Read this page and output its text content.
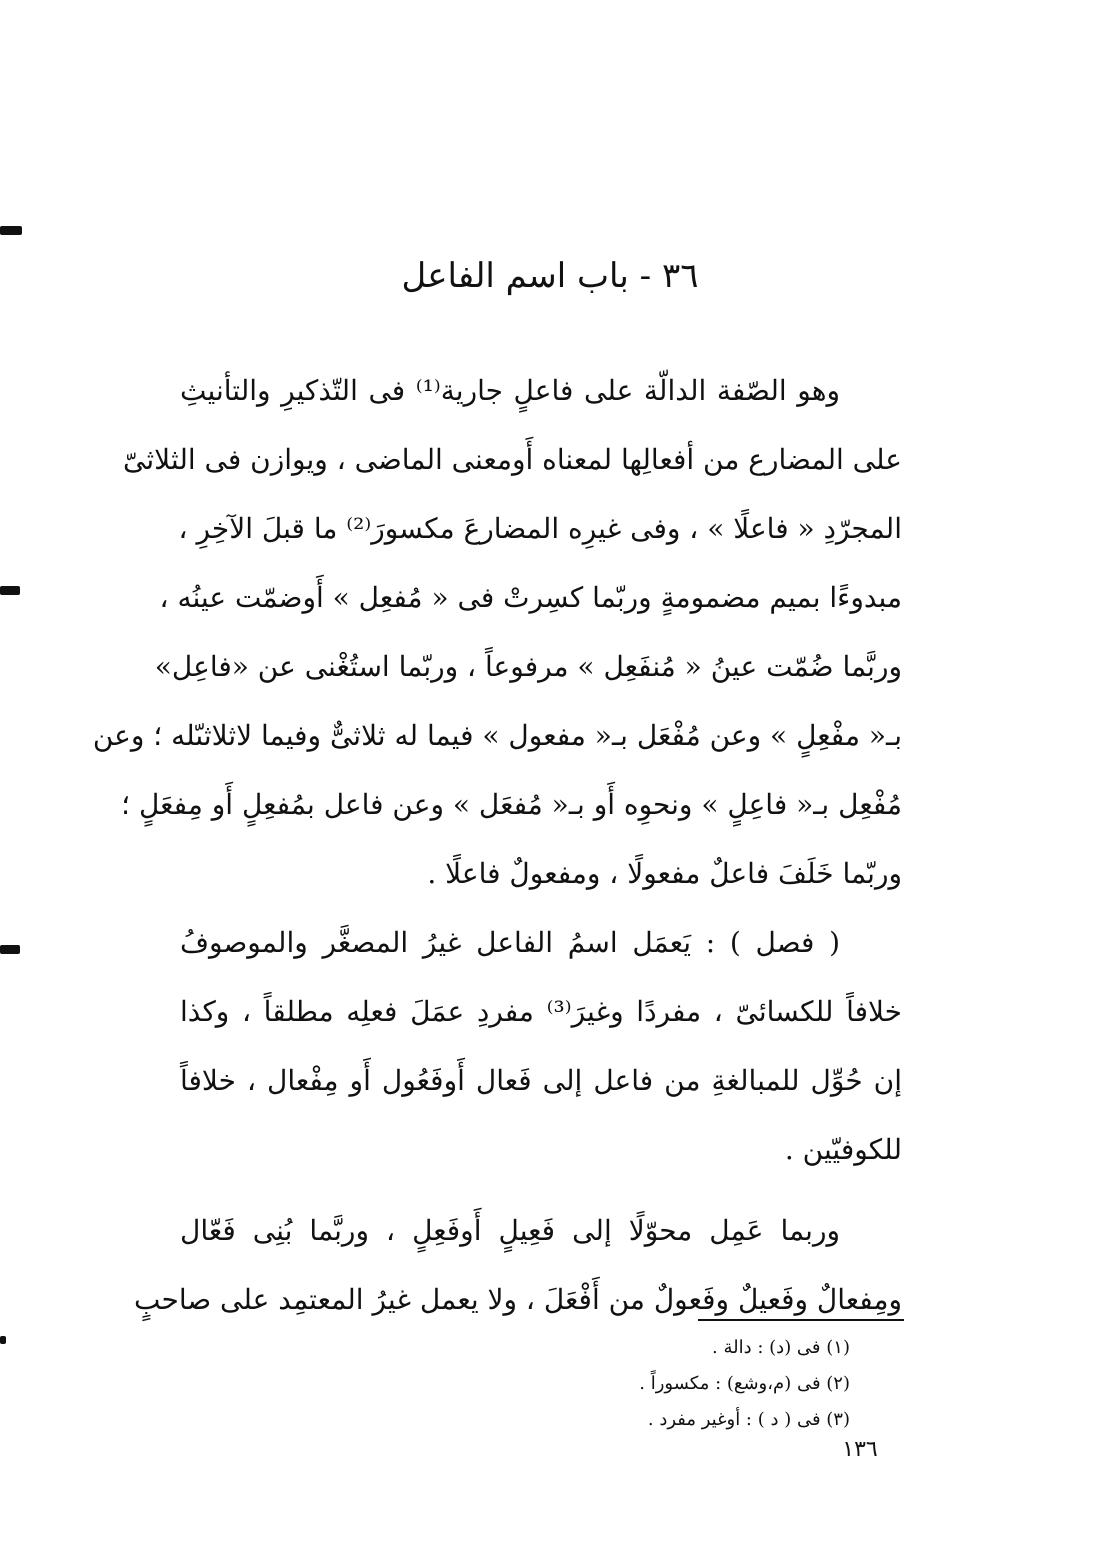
٣٦ - باب اسم الفاعل
وهو الصّفة الدالّة على فاعلٍ جارية⁽¹⁾ فى التّذكيرِ والتأنيثِ
على المضارع من أفعالِها لمعناه أَومعنى الماضى ، ويوازن فى الثلاثىّ
المجرّدِ « فاعلًا » ، وفى غيرِه المضارعَ مكسورَ⁽²⁾ ما قبلَ الآخِرِ ،
مبدوءًا بميم مضمومةٍ وربّما كسِرتْ فى « مُفعِل » أَوضمّت عينُه ،
وربَّما ضُمّت عينُ « مُنفَعِل » مرفوعاً ، وربّما استُغْنى عن «فاعِل»
بـ« مفْعِلٍ » وعن مُفْعَل بـ« مفعول » فيما له ثلاثىٌّ وفيما لاثلاثىّله ؛ وعن
مُفْعِل بـ« فاعِلٍ » ونحوِه أَو بـ« مُفعَل » وعن فاعل بمُفعِلٍ أَو مِفعَلٍ ؛
وربّما خَلَفَ فاعلٌ مفعولًا ، ومفعولٌ فاعلًا .
( فصل ) : يَعمَل اسمُ الفاعل غيرُ المصغَّر والموصوفُ
خلافاً للكسائىّ ، مفردًا وغيرَ⁽³⁾ مفردِ عمَلَ فعلِه مطلقاً ، وكذا
إن حُوِّل للمبالغةِ من فاعل إلى فَعال أَوفَعُول أَو مِفْعال ، خلافاً
للكوفيّين .
وربما عَمِل محوّلًا إلى فَعِيلٍ أَوفَعِلٍ ، وربَّما بُنِى فَعّال
ومِفعالٌ وفَعيلٌ وفَعولٌ من أَفْعَلَ ، ولا يعمل غيرُ المعتمِد على صاحبٍ
(١) فى (د) : دالة .
(٢) فى (م،وشع) : مكسوراً .
(٣) فى ( د ) : أوغير مفرد .
١٣٦
